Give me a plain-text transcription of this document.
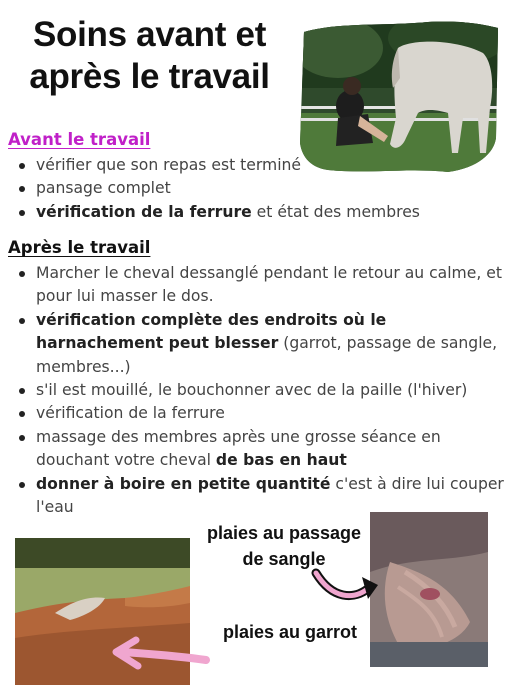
Soins avant et
après le travail
Avant le travail
vérifier que son repas est terminé
pansage complet
vérification de la ferrure et état des membres
Après le travail
Marcher le cheval dessanglé pendant le retour au calme, et pour lui masser le dos.
vérification complète des endroits où le harnachement peut blesser (garrot, passage de sangle, membres...)
s'il est mouillé, le bouchonner avec de la paille (l'hiver)
vérification de la ferrure
massage des membres après une grosse séance en douchant votre cheval de bas en haut
donner à boire en petite quantité c'est à dire lui couper l'eau

plaies au passage de sangle

plaies au garrot
